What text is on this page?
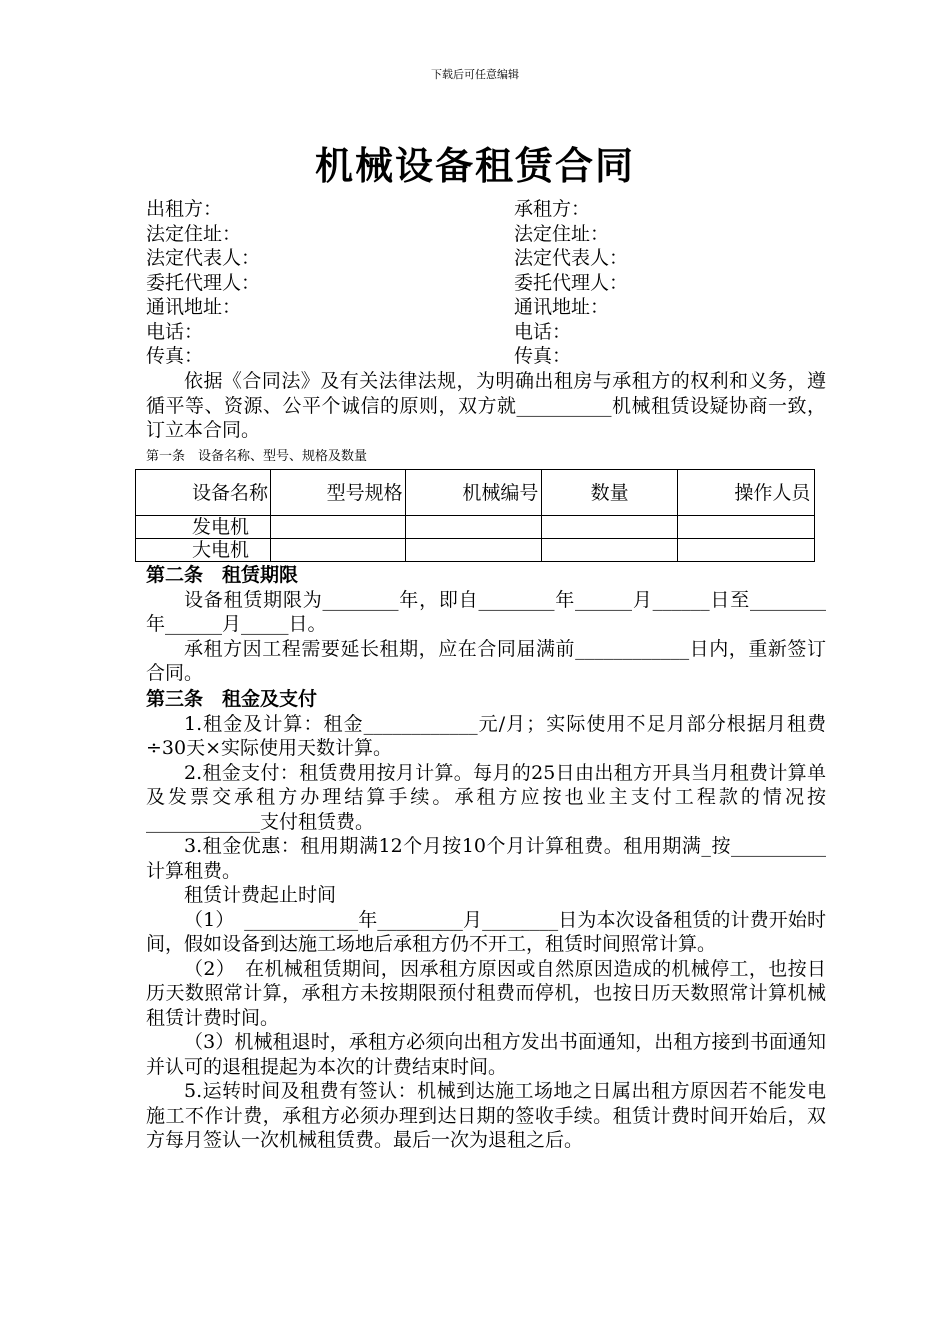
下载后可任意编辑
机械设备租赁合同
出租方：	承租方：
法定住址：	法定住址：
法定代表人：	法定代表人：
委托代理人：	委托代理人：
通讯地址：	通讯地址：
电话：	电话：
传真：	传真：
依据《合同法》及有关法律法规，为明确出租房与承租方的权利和义务，遵循平等、资源、公平个诚信的原则，双方就__________机械租赁设疑协商一致，订立本合同。
第一条　设备名称、型号、规格及数量
设备名称	型号规格	机械编号	数量	操作人员
发电机				
大电机				
第二条　租赁期限
设备租赁期限为________年，即自________年______月______日至________年______月_____日。
承租方因工程需要延长租期，应在合同届满前____________日内，重新签订合同。
第三条　租金及支付
1.租金及计算：租金____________元/月；实际使用不足月部分根据月租费÷30天×实际使用天数计算。
2.租金支付：租赁费用按月计算。每月的25日由出租方开具当月租费计算单及发票交承租方办理结算手续。承租方应按也业主支付工程款的情况按____________支付租赁费。
3.租金优惠：租用期满12个月按10个月计算租费。租用期满_按__________计算租费。
租赁计费起止时间
（1）　____________年_________月________日为本次设备租赁的计费开始时间，假如设备到达施工场地后承租方仍不开工，租赁时间照常计算。
（2）　在机械租赁期间，因承租方原因或自然原因造成的机械停工，也按日历天数照常计算，承租方未按期限预付租费而停机，也按日历天数照常计算机械租赁计费时间。
（3）机械租退时，承租方必须向出租方发出书面通知，出租方接到书面通知并认可的退租提起为本次的计费结束时间。
5.运转时间及租费有签认：机械到达施工场地之日属出租方原因若不能发电施工不作计费，承租方必须办理到达日期的签收手续。租赁计费时间开始后，双方每月签认一次机械租赁费。最后一次为退租之后。
